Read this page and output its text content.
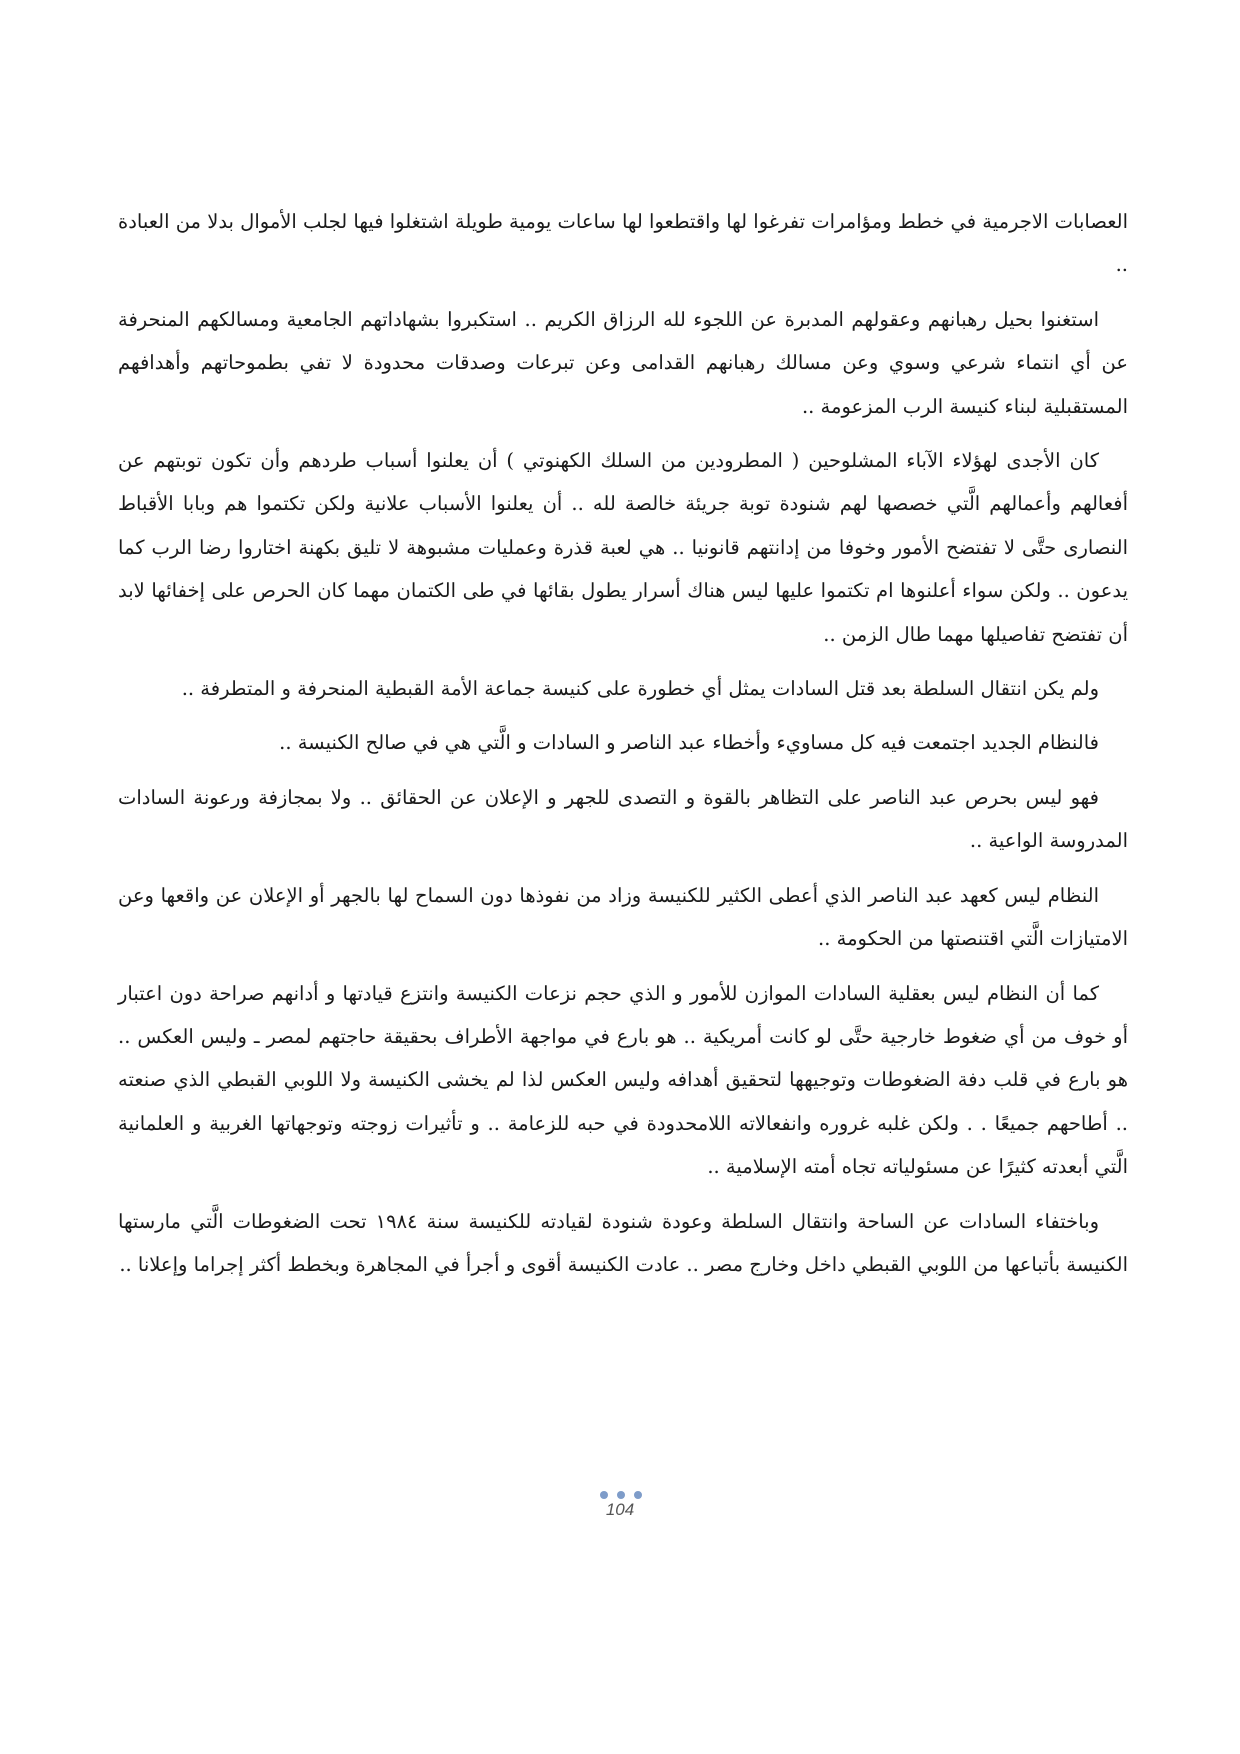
العصابات الاجرمية في خطط ومؤامرات تفرغوا لها واقتطعوا لها ساعات يومية طويلة اشتغلوا فيها لجلب الأموال بدلا من العبادة ..

استغنوا بحيل رهبانهم وعقولهم المدبرة عن اللجوء لله الرزاق الكريم .. استكبروا بشهاداتهم الجامعية ومسالكهم المنحرفة عن أي انتماء شرعي وسوي وعن مسالك رهبانهم القدامى وعن تبرعات وصدقات محدودة لا تفي بطموحاتهم وأهدافهم المستقبلية لبناء كنيسة الرب المزعومة ..

كان الأجدى لهؤلاء الآباء المشلوحين ( المطرودين من السلك الكهنوتي ) أن يعلنوا أسباب طردهم وأن تكون توبتهم عن أفعالهم وأعمالهم الَّتي خصصها لهم شنودة توبة جريئة خالصة لله .. أن يعلنوا الأسباب علانية ولكن تكتموا هم وبابا الأقباط النصارى حتَّى لا تفتضح الأمور وخوفا من إدانتهم قانونيا .. هي لعبة قذرة وعمليات مشبوهة لا تليق بكهنة اختاروا رضا الرب كما يدعون .. ولكن سواء أعلنوها ام تكتموا عليها ليس هناك أسرار يطول بقائها في طى الكتمان مهما كان الحرص على إخفائها لابد أن تفتضح تفاصيلها مهما طال الزمن ..

ولم يكن انتقال السلطة بعد قتل السادات يمثل أي خطورة على كنيسة جماعة الأمة القبطية المنحرفة و المتطرفة ..

فالنظام الجديد اجتمعت فيه كل مساويء وأخطاء عبد الناصر و السادات و الَّتي هي في صالح الكنيسة ..

فهو ليس بحرص عبد الناصر على التظاهر بالقوة و التصدى للجهر و الإعلان عن الحقائق .. ولا بمجازفة ورعونة السادات المدروسة الواعية ..

النظام ليس كعهد عبد الناصر الذي أعطى الكثير للكنيسة وزاد من نفوذها دون السماح لها بالجهر أو الإعلان عن واقعها وعن الامتيازات الَّتي اقتنصتها من الحكومة ..

كما أن النظام ليس بعقلية السادات الموازن للأمور و الذي حجم نزعات الكنيسة وانتزع قيادتها و أدانهم صراحة دون اعتبار أو خوف من أي ضغوط خارجية حتَّى لو كانت أمريكية .. هو بارع في مواجهة الأطراف بحقيقة حاجتهم لمصر ـ وليس العكس .. هو بارع في قلب دفة الضغوطات وتوجيهها لتحقيق أهدافه وليس العكس لذا لم يخشى الكنيسة ولا اللوبي القبطي الذي صنعته .. أطاحهم جميعًا . . ولكن غلبه غروره وانفعالاته اللامحدودة في حبه للزعامة .. و تأثيرات زوجته وتوجهاتها الغربية و العلمانية الَّتي أبعدته كثيرًا عن مسئولياته تجاه أمته الإسلامية ..

وباختفاء السادات عن الساحة وانتقال السلطة وعودة شنودة لقيادته للكنيسة سنة ١٩٨٤ تحت الضغوطات الَّتي مارستها الكنيسة بأتباعها من اللوبي القبطي داخل وخارج مصر .. عادت الكنيسة أقوى و أجرأ في المجاهرة وبخطط أكثر إجراما وإعلانا ..

104
